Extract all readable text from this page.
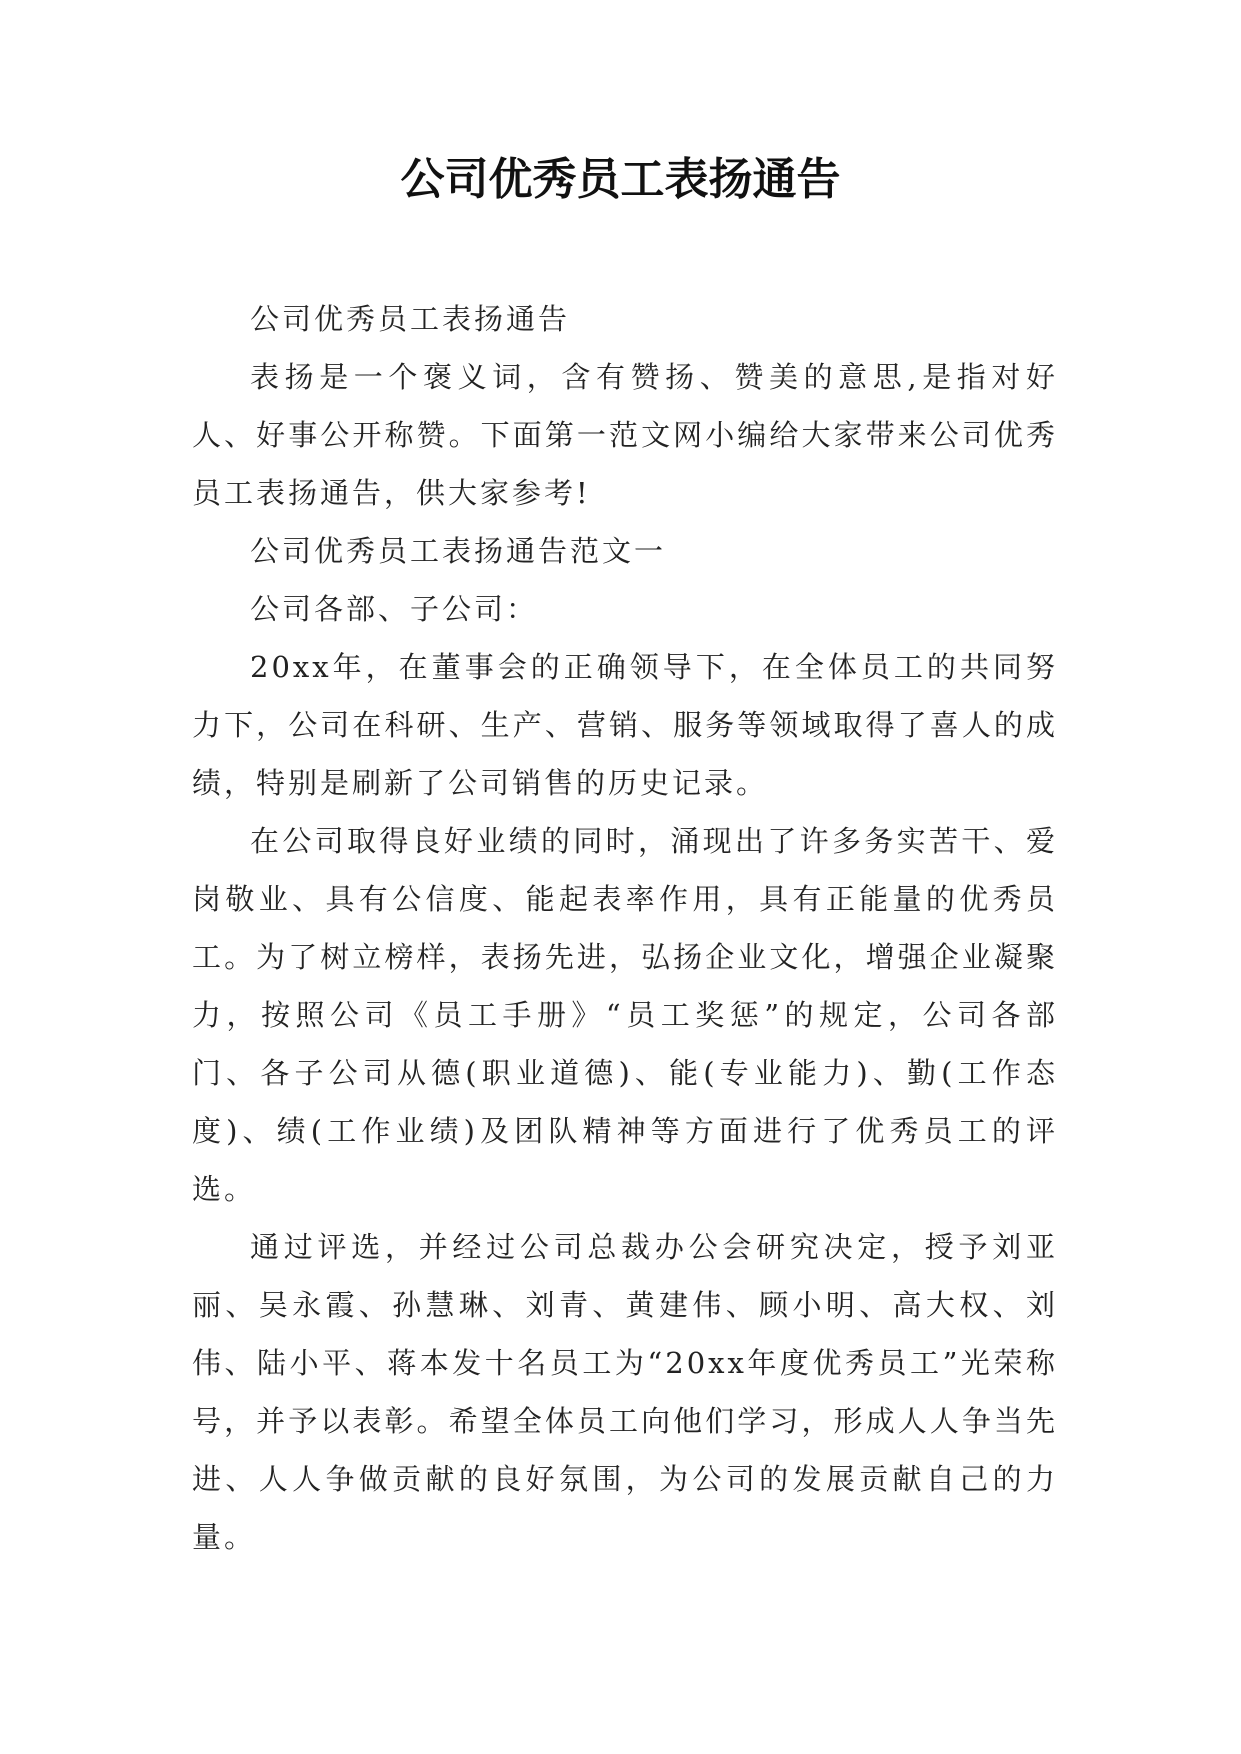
公司优秀员工表扬通告

公司优秀员工表扬通告

表扬是一个褒义词，含有赞扬、赞美的意思,是指对好人、好事公开称赞。下面第一范文网小编给大家带来公司优秀员工表扬通告，供大家参考!

公司优秀员工表扬通告范文一

公司各部、子公司：

20xx年，在董事会的正确领导下，在全体员工的共同努力下，公司在科研、生产、营销、服务等领域取得了喜人的成绩，特别是刷新了公司销售的历史记录。

在公司取得良好业绩的同时，涌现出了许多务实苦干、爱岗敬业、具有公信度、能起表率作用，具有正能量的优秀员工。为了树立榜样，表扬先进，弘扬企业文化，增强企业凝聚力，按照公司《员工手册》“员工奖惩”的规定，公司各部门、各子公司从德(职业道德)、能(专业能力)、勤(工作态度)、绩(工作业绩)及团队精神等方面进行了优秀员工的评选。

通过评选，并经过公司总裁办公会研究决定，授予刘亚丽、吴永霞、孙慧琳、刘青、黄建伟、顾小明、高大权、刘伟、陆小平、蒋本发十名员工为“20xx年度优秀员工”光荣称号，并予以表彰。希望全体员工向他们学习，形成人人争当先进、人人争做贡献的良好氛围，为公司的发展贡献自己的力量。
